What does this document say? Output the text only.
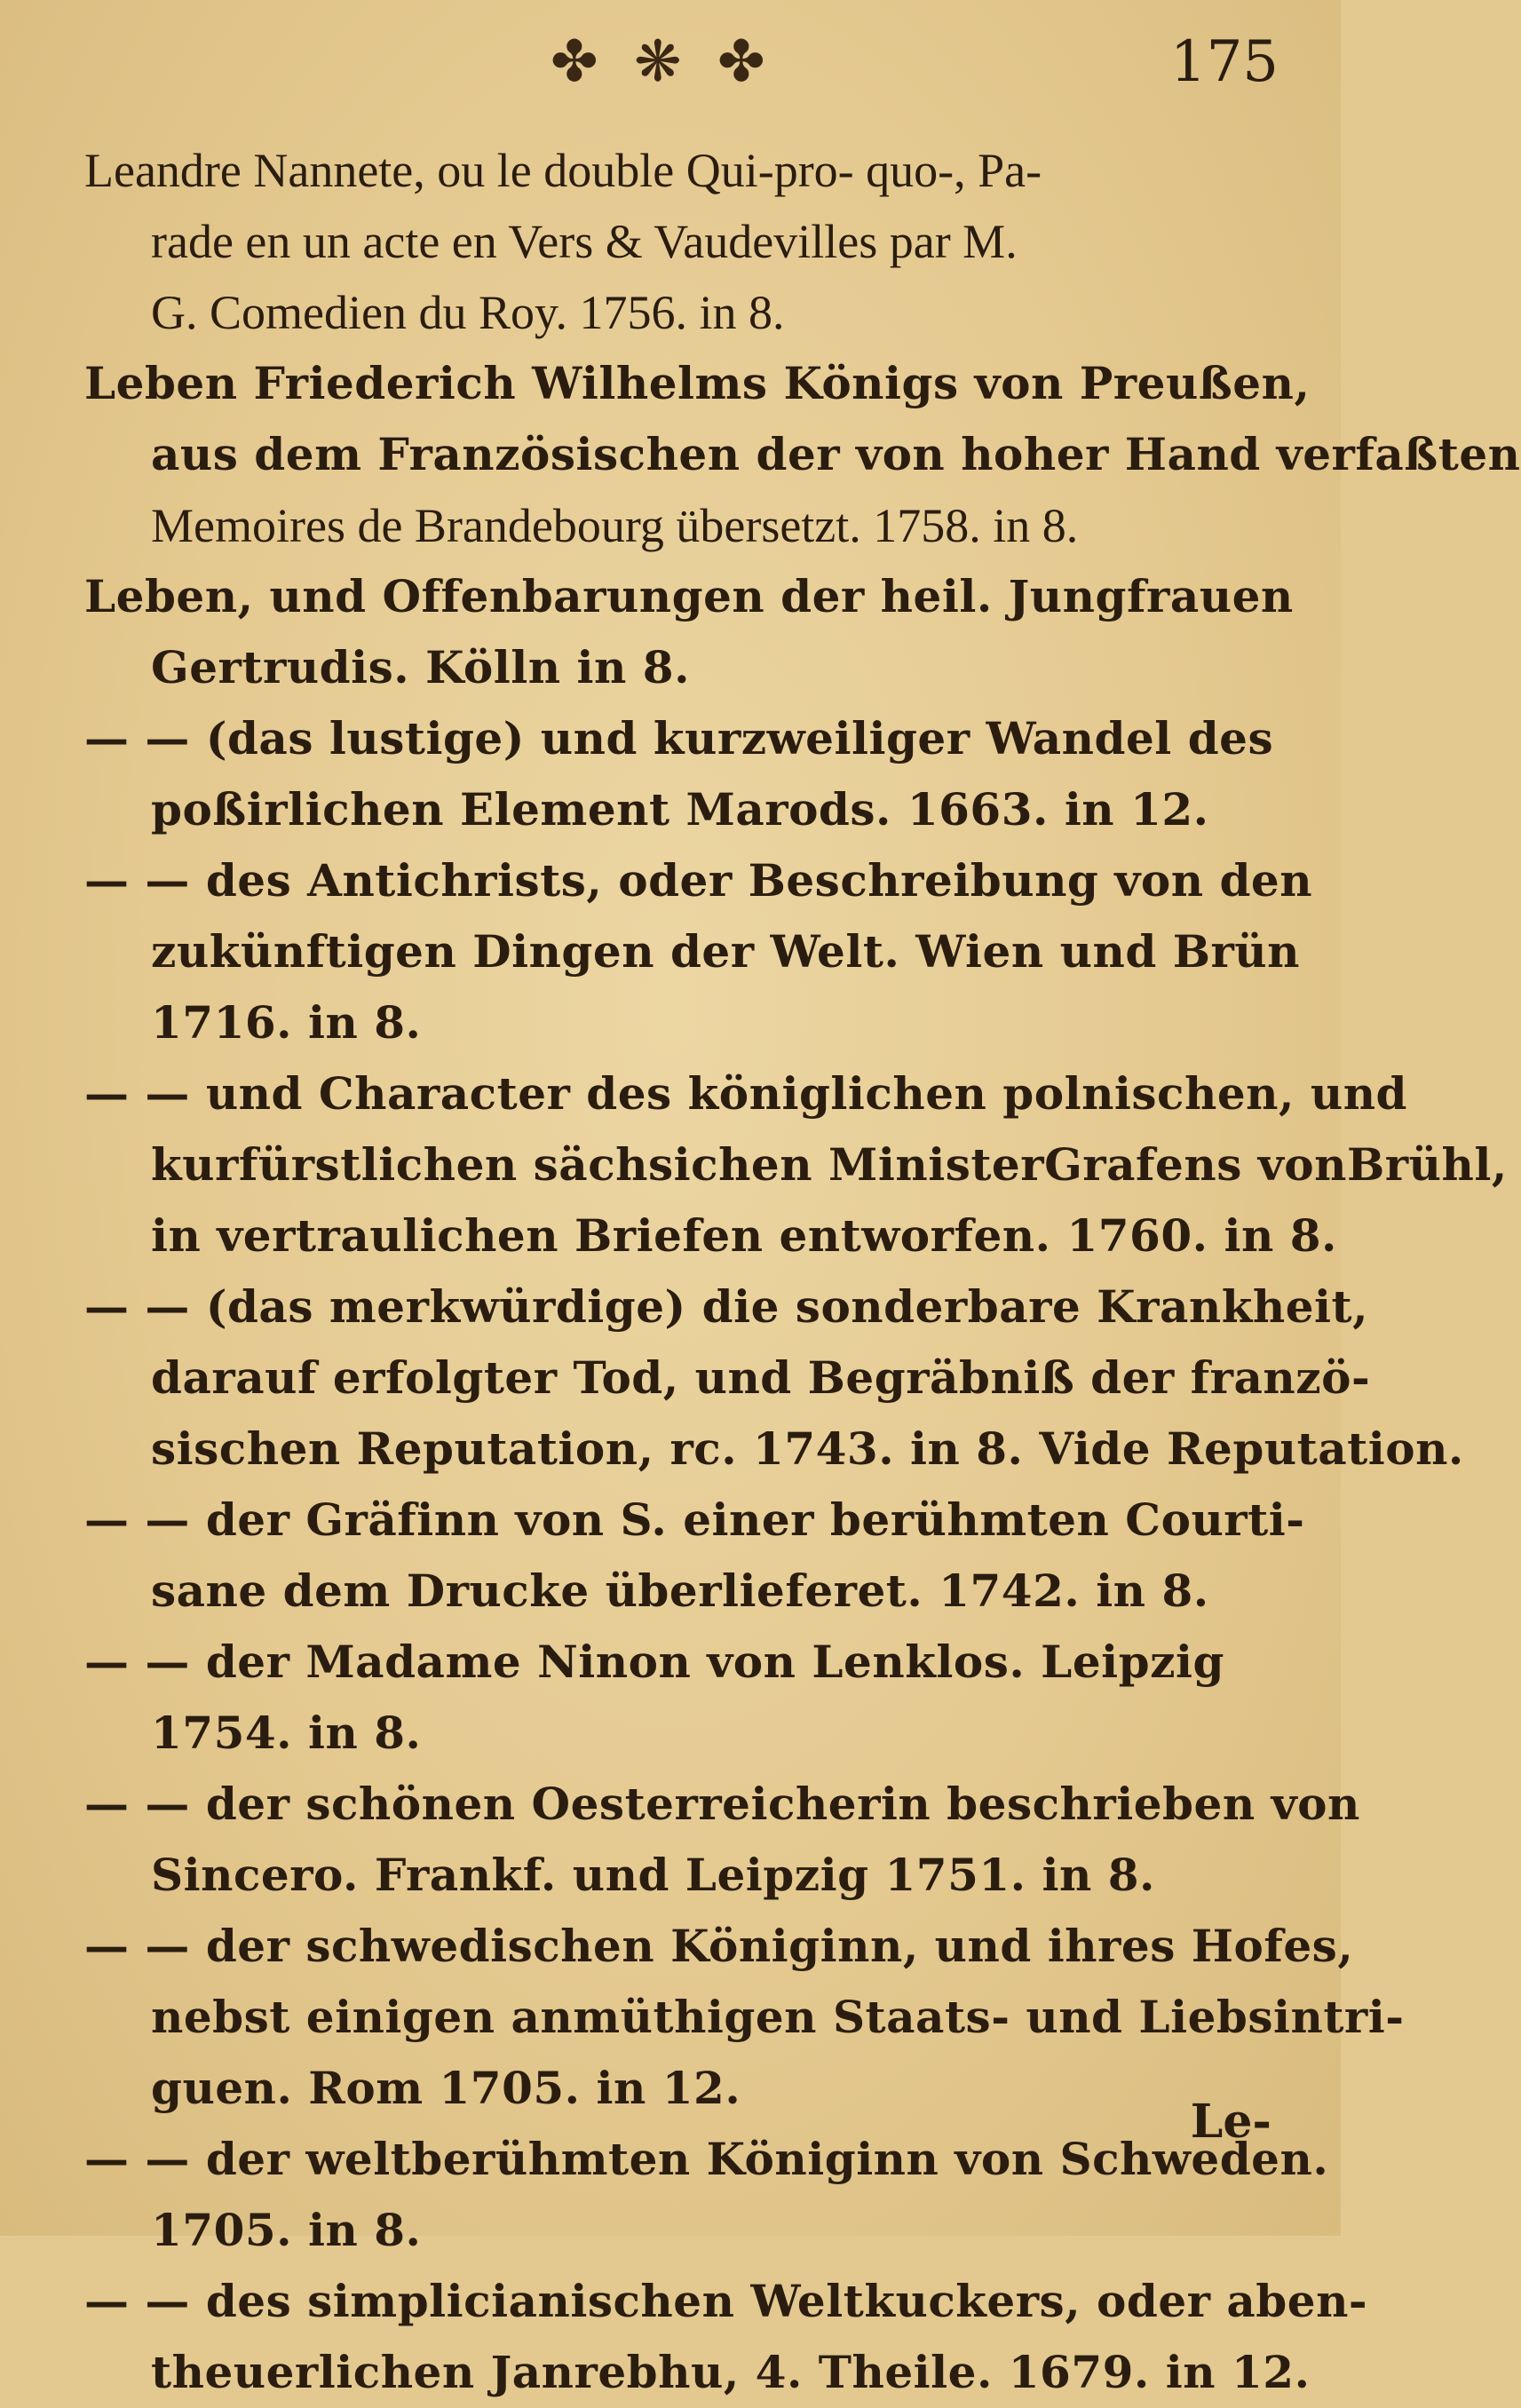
✤ ❋ ✤	175
Leandre Nannete, ou le double Qui-pro- quo-, Pa-
rade en un acte en Vers & Vaudevilles par M.
G. Comedien du Roy. 1756. in 8.
Leben Friederich Wilhelms Königs von Preußen,
aus dem Französischen der von hoher Hand verfaßten
Memoires de Brandebourg übersetzt. 1758. in 8.
Leben, und Offenbarungen der heil. Jungfrauen
Gertrudis. Kölln in 8.
— — (das lustige) und kurzweiliger Wandel des
poßirlichen Element Marods. 1663. in 12.
— — des Antichrists, oder Beschreibung von den
zukünftigen Dingen der Welt. Wien und Brün
1716. in 8.
— — und Character des königlichen polnischen, und
kurfürstlichen sächsichen MinisterGrafens vonBrühl,
in vertraulichen Briefen entworfen. 1760. in 8.
— — (das merkwürdige) die sonderbare Krankheit,
darauf erfolgter Tod, und Begräbniß der franzö-
sischen Reputation, rc. 1743. in 8. Vide Reputation.
— — der Gräfinn von S. einer berühmten Courti-
sane dem Drucke überlieferet. 1742. in 8.
— — der Madame Ninon von Lenklos. Leipzig
1754. in 8.
— — der schönen Oesterreicherin beschrieben von
Sincero. Frankf. und Leipzig 1751. in 8.
— — der schwedischen Königinn, und ihres Hofes,
nebst einigen anmüthigen Staats- und Liebsintri-
guen. Rom 1705. in 12.
— — der weltberühmten Königinn von Schweden.
1705. in 8.
— — des simplicianischen Weltkuckers, oder aben-
theuerlichen Janrebhu, 4. Theile. 1679. in 12.
Le-
